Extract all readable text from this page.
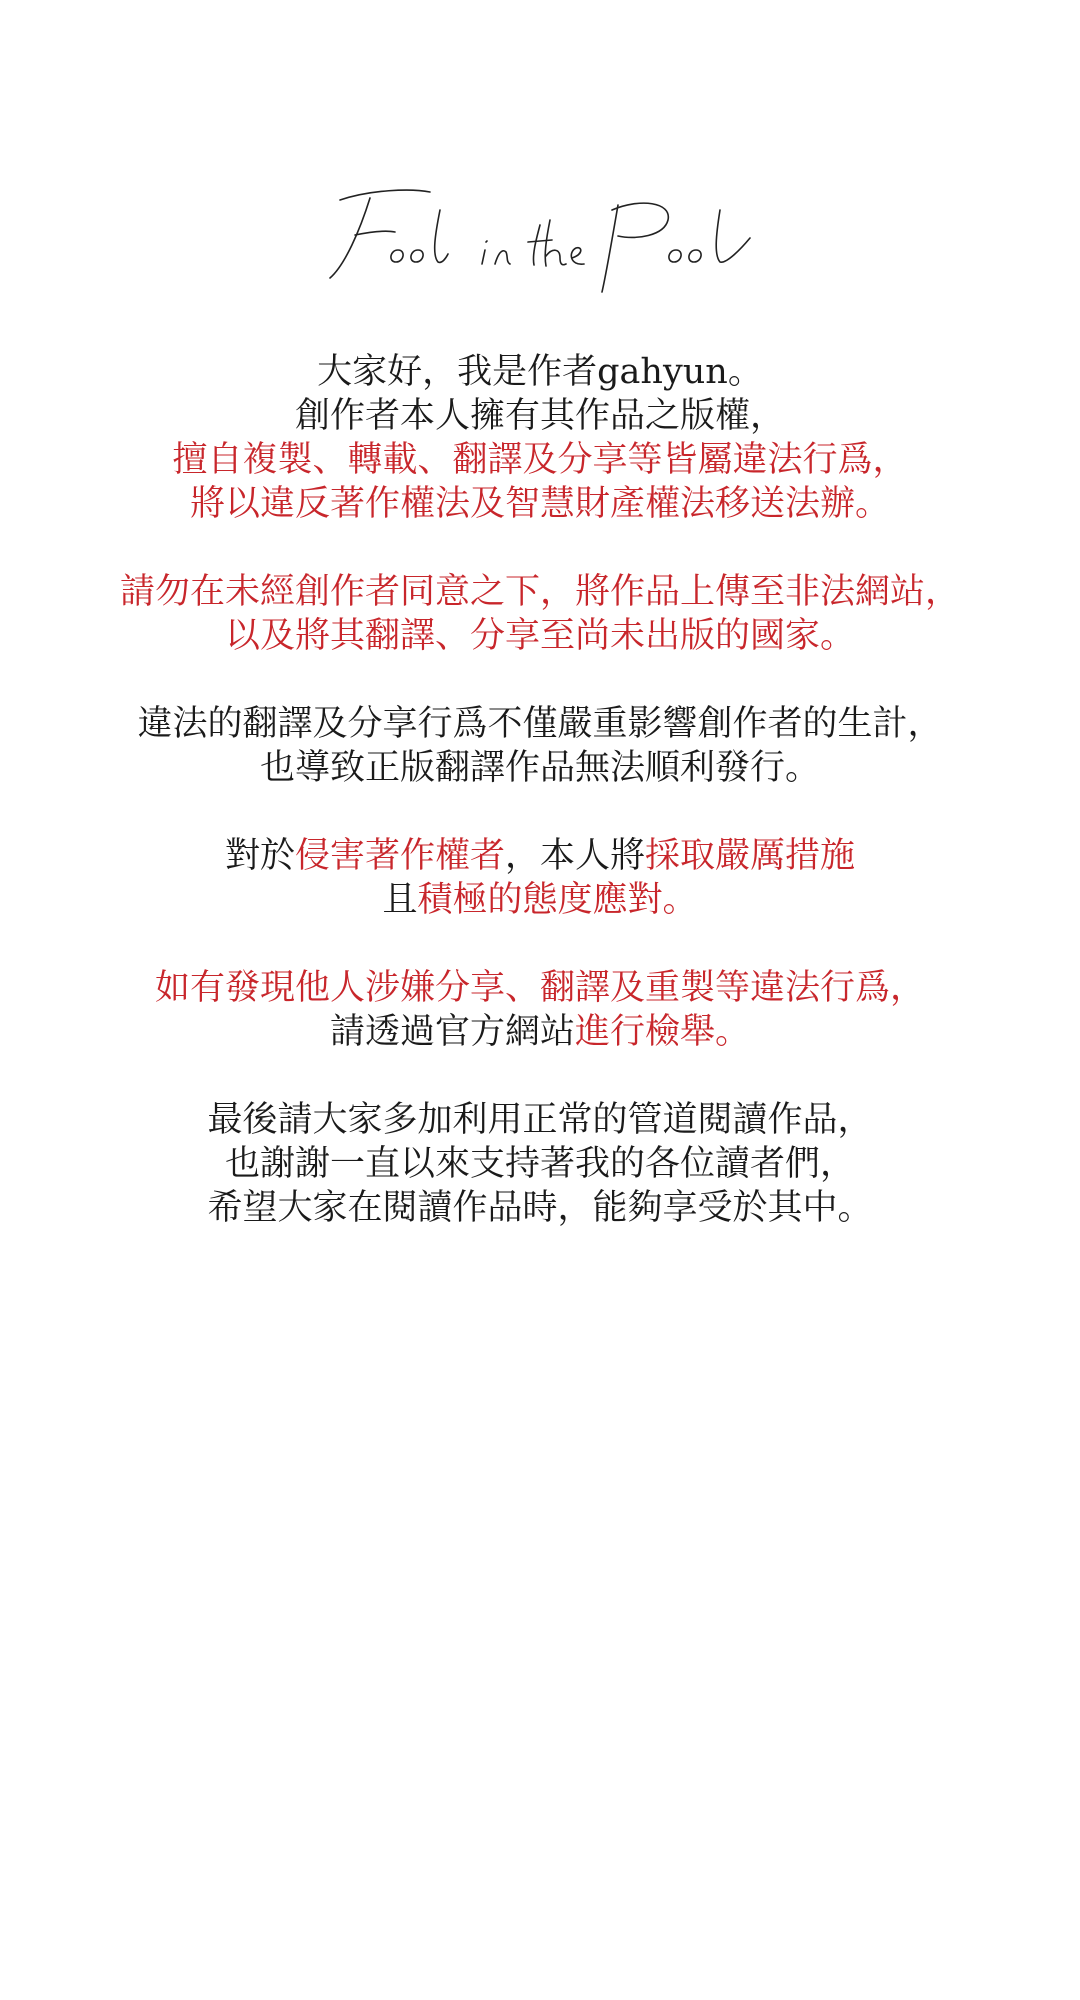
大家好，我是作者gahyun。
創作者本人擁有其作品之版權，
擅自複製、轉載、翻譯及分享等皆屬違法行爲，
將以違反著作權法及智慧財產權法移送法辦。
請勿在未經創作者同意之下，將作品上傳至非法網站，
以及將其翻譯、分享至尚未出版的國家。
違法的翻譯及分享行爲不僅嚴重影響創作者的生計，
也導致正版翻譯作品無法順利發行。
對於侵害著作權者，本人將採取嚴厲措施
且積極的態度應對。
如有發現他人涉嫌分享、翻譯及重製等違法行爲，
請透過官方網站進行檢舉。
最後請大家多加利用正常的管道閱讀作品，
也謝謝一直以來支持著我的各位讀者們，
希望大家在閱讀作品時，能夠享受於其中。
